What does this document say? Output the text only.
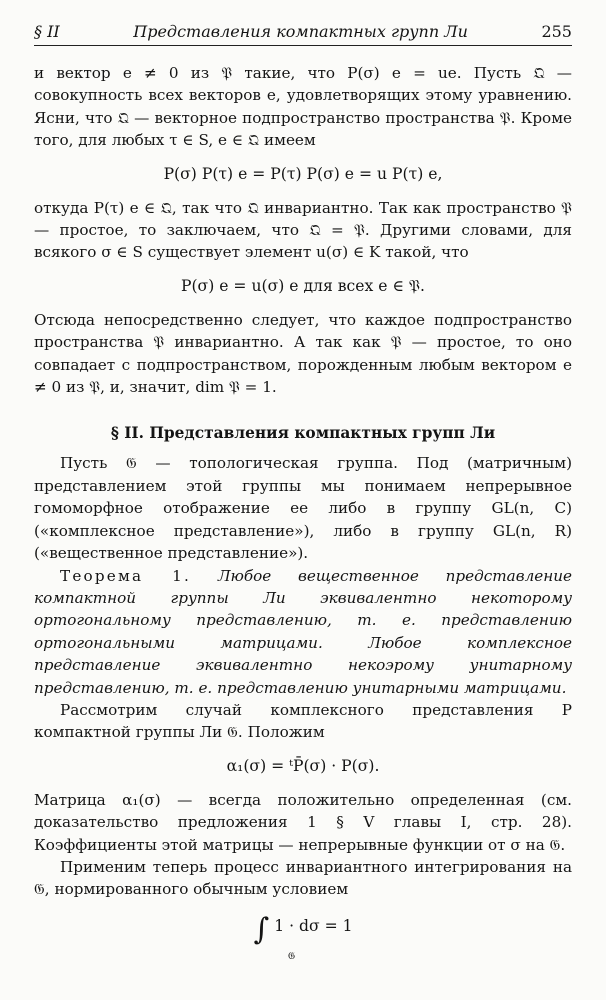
§ II	Представления компактных групп Ли	255

и вектор e ≠ 0 из 𝔓 такие, что P(σ) e = ue. Пусть 𝔔 — совокупность всех векторов e, удовлетворящих этому уравнению. Ясни, что 𝔔 — векторное подпространство пространства 𝔓. Кроме того, для любых τ ∈ S, e ∈ 𝔔 имеем

P(σ) P(τ) e = P(τ) P(σ) e = u P(τ) e,

откуда P(τ) e ∈ 𝔔, так что 𝔔 инвариантно. Так как пространство 𝔓 — простое, то заключаем, что 𝔔 = 𝔓. Другими словами, для всякого σ ∈ S существует элемент u(σ) ∈ K такой, что

P(σ) e = u(σ) e для всех e ∈ 𝔓.

Отсюда непосредственно следует, что каждое подпространство пространства 𝔓 инвариантно. А так как 𝔓 — простое, то оно совпадает с подпространством, порожденным любым вектором e ≠ 0 из 𝔓, и, значит, dim 𝔓 = 1.

§ II. Представления компактных групп Ли

Пусть 𝔊 — топологическая группа. Под (матричным) представлением этой группы мы понимаем непрерывное гомоморфное отображение ее либо в группу GL(n, C) («комплексное представление»), либо в группу GL(n, R) («вещественное представление»).

Теорема 1. Любое вещественное представление компактной группы Ли эквивалентно некоторому ортогональному представлению, т. е. представлению ортогональными матрицами. Любое комплексное представление эквивалентно некоэрому унитарному представлению, т. е. представлению унитарными матрицами.

Рассмотрим случай комплексного представления P компактной группы Ли 𝔊. Положим

α₁(σ) = ᵗP̄(σ) · P(σ).

Матрица α₁(σ) — всегда положительно определенная (см. доказательство предложения 1 § V главы I, стр. 28). Коэффициенты этой матрицы — непрерывные функции от σ на 𝔊.

Применим теперь процесс инвариантного интегрирования на 𝔊, нормированного обычным условием

∫ 1 · dσ = 1
𝔊
